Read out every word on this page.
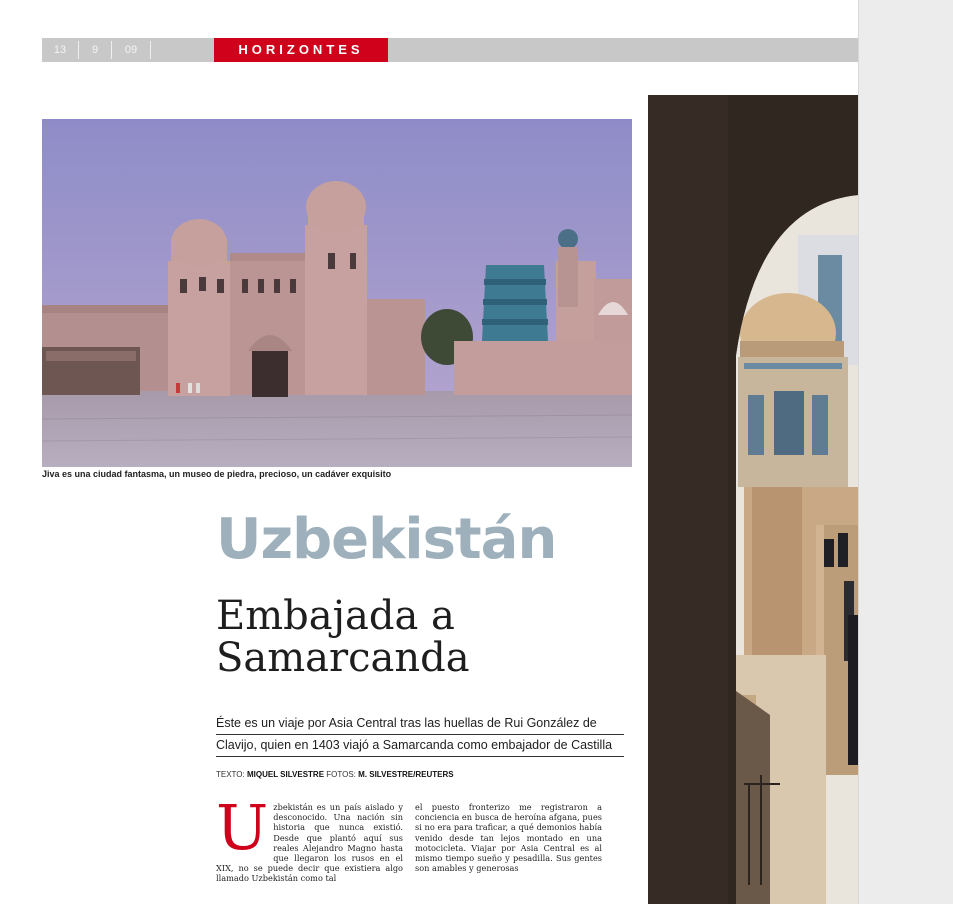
13	9	09	HORIZONTES
Jiva es una ciudad fantasma, un museo de piedra, precioso, un cadáver exquisito
Uzbekistán
Embajada a Samarcanda
Éste es un viaje por Asia Central tras las huellas de Rui González de
Clavijo, quien en 1403 viajó a Samarcanda como embajador de Castilla
TEXTO: MIQUEL SILVESTRE FOTOS: M. SILVESTRE/REUTERS
U zbekistán es un país aislado y desconocido. Una nación sin historia que nunca existió. Desde que plantó aquí sus reales Alejandro Magno hasta que llegaron los rusos en el XIX, no se puede decir que existiera algo llamado Uzbekistán como tal
el puesto fronterizo me registraron a conciencia en busca de heroína afgana, pues si no era para traficar, a qué demonios había venido desde tan lejos montado en una motocicleta. Viajar por Asia Central es al mismo tiempo sueño y pesadilla. Sus gentes son amables y generosas
